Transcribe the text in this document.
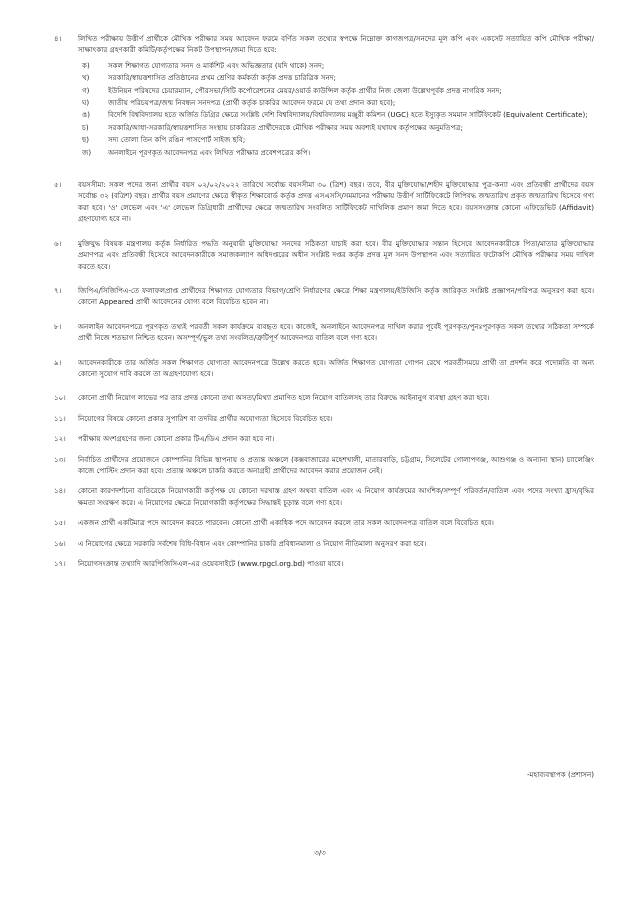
৪।	লিখিত পরীক্ষায় উত্তীর্ণ প্রার্থীকে মৌখিক পরীক্ষার সময় আবেদন ফরমে বর্ণিত সকল তথ্যের স্বপক্ষে নিম্নোক্ত কাগজপত্র/সনদের মূল কপি এবং একসেট সত্যায়িত কপি মৌখিক পরীক্ষা/সাক্ষাৎকার গ্রহণকারী কমিটি/কর্তৃপক্ষের নিকট উপস্থাপন/জমা দিতে হবে:
ক)	সকল শিক্ষাগত যোগ্যতার সনদ ও মার্কশিট এবং অভিজ্ঞতার (যদি থাকে) সনদ;
খ)	সরকারি/স্বায়ত্তশাসিত প্রতিষ্ঠানের প্রথম শ্রেণির কর্মকর্তা কর্তৃক প্রদত্ত চারিত্রিক সনদ;
গ)	ইউনিয়ন পরিষদের চেয়ারম্যান, পৌরসভা/সিটি কর্পোরেশনের মেয়র/ওয়ার্ড কাউন্সিল কর্তৃক প্রার্থীর নিজ জেলা উল্লেখপূর্বক প্রদত্ত নাগরিক সনদ;
ঘ)	জাতীয় পরিচয়পত্র/জন্ম নিবন্ধন সনদপত্র (প্রার্থী কর্তৃক চাকরির আবেদন ফরমে যে তথ্য প্রদান করা হবে);
ঙ)	বিদেশি বিশ্ববিদ্যালয় হতে অর্জিত ডিগ্রির ক্ষেত্রে সংশ্লিষ্ট দেশি বিশ্ববিদ্যালয়/বিশ্ববিদ্যালয় মঞ্জুরী কমিশন (UGC) হতে ইস্যুকৃত সমমান সার্টিফিকেট (Equivalent Certificate);
চ)	সরকারি/আধা-সরকারি/স্বায়ত্তশাসিত সংস্থায় চাকরিরত প্রার্থীদেরকে মৌখিক পরীক্ষার সময় অবশ্যই যথাযথ কর্তৃপক্ষের অনুমতিপত্র;
ছ)	সদ্য তোলা তিন কপি রঙিন পাসপোর্ট সাইজ ছবি;
জ)	অনলাইনে পূরণকৃত আবেদনপত্র এবং লিখিত পরীক্ষার প্রবেশপত্রের কপি।
৫।	বয়সসীমা: সকল পদের জন্য প্রার্থীর বয়স ০২/০২/২০২২ তারিখে সর্বোচ্চ বয়সসীমা ৩০ (ত্রিশ) বছর। তবে, বীর মুক্তিযোদ্ধা/শহীদ মুক্তিযোদ্ধার পুত্র-কন্যা এবং প্রতিবন্ধী প্রার্থীদের বয়স সর্বোচ্চ ৩২ (বত্রিশ) বছর। প্রার্থীর বয়স প্রমাণের ক্ষেত্রে স্বীকৃত শিক্ষাবোর্ড কর্তৃক প্রদত্ত এসএসসি/সমমানের পরীক্ষায় উত্তীর্ণ সার্টিফিকেটে লিপিবদ্ধ জন্মতারিখ প্রকৃত জন্মতারিখ হিসেবে গণ্য করা হবে। 'ও' লেভেল এবং 'এ' লেভেল ডিগ্রিধারী প্রার্থীদের ক্ষেত্রে জন্মতারিখ সংবলিত সার্টিফিকেট দাখিলিক প্রমাণ জমা দিতে হবে। বয়সসংক্রান্ত কোনো এফিডেভিট (Affidavit) গ্রহণযোগ্য হবে না।
৬।	মুক্তিযুদ্ধ বিষয়ক মন্ত্রণালয় কর্তৃক নির্ধারিত পদ্ধতি অনুযায়ী মুক্তিযোদ্ধা সনদের সঠিকতা যাচাই করা হবে। বীর মুক্তিযোদ্ধার সন্তান হিসেবে আবেদনকারীকে পিতা/মাতার মুক্তিযোদ্ধার প্রমাণপত্র এবং প্রতিবন্ধী হিসেবে আবেদনকারীকে সমাজকল্যাণ অধিদপ্তরের অধীন সংশ্লিষ্ট দপ্তর কর্তৃক প্রদত্ত মূল সনদ উপস্থাপন এবং সত্যায়িত ফটোকপি মৌখিক পরীক্ষার সময় দাখিল করতে হবে।
৭।	জিপিএ/সিজিপিএ-তে ফলাফলপ্রাপ্ত প্রার্থীদের শিক্ষাগত যোগ্যতার বিভাগ/শ্রেণি নির্ধারণের ক্ষেত্রে শিক্ষা মন্ত্রণালয়/ইউজিসি কর্তৃক জারিকৃত সংশ্লিষ্ট প্রজ্ঞাপন/পরিপত্র অনুসরণ করা হবে। কোনো Appeared প্রার্থী আবেদনের যোগ্য বলে বিবেচিত হবেন না।
৮।	অনলাইন আবেদনপত্রে পূরণকৃত তথ্যই পরবর্তী সকল কার্যক্রমে ব্যবহৃত হবে। কাজেই, অনলাইনে আবেদনপত্র দাখিল করার পূর্বেই পূরণকৃত/পুনঃপূরণকৃত সকল তথ্যের সঠিকতা সম্পর্কে প্রার্থী নিজে শতভাগ নিশ্চিত হবেন। অসম্পূর্ণ/ভুল তথ্য সংবলিত/ত্রুটিপূর্ণ আবেদনপত্র বাতিল বলে গণ্য হবে।
৯।	আবেদনকারীকে তার অর্জিত সকল শিক্ষাগত যোগ্যতা আবেদনপত্রে উল্লেখ করতে হবে। অর্জিত শিক্ষাগত যোগ্যতা গোপন রেখে পরবর্তীসময়ে প্রার্থী তা প্রদর্শন করে পদোন্নতি বা অন্য কোনো সুযোগ দাবি করলে তা অগ্রহণযোগ্য হবে।
১০।	কোনো প্রার্থী নিয়োগ লাভের পর তার প্রদত্ত কোনো তথ্য অসত্য/মিথ্যা প্রমাণিত হলে নিয়োগ বাতিলসহ তার বিরুদ্ধে আইনানুগ ব্যবস্থা গ্রহণ করা হবে।
১১।	নিয়োগের বিষয়ে কোনো প্রকার সুপারিশ বা তদবির প্রার্থীর অযোগ্যতা হিসেবে বিবেচিত হবে।
১২।	পরীক্ষায় অংশগ্রহণের জন্য কোনো প্রকার টিএ/ডিএ প্রদান করা হবে না।
১৩।	নির্বাচিত প্রার্থীদের প্রয়োজনে কোম্পানির বিভিন্ন স্থাপনায় ও প্রত্যন্ত অঞ্চলে (কক্সবাজারের মহেশখালী, মাতারবাড়ি, চট্টগ্রাম, সিলেটের গোলাপগঞ্জ, আশুগঞ্জ ও অন্যান্য স্থান) চ্যালেঞ্জিং কাজে পোস্টিং প্রদান করা হবে। প্রত্যন্ত অঞ্চলে চাকরি করতে অনাগ্রহী প্রার্থীদের আবেদন করার প্রয়োজন নেই।
১৪।	কোনো কারণদর্শানো ব্যতিরেকে নিয়োগকারী কর্তৃপক্ষ যে কোনো দরখাস্ত গ্রহণ অথবা বাতিল এবং এ নিয়োগ কার্যক্রমের আংশিক/সম্পূর্ণ পরিবর্তন/বাতিল এবং পদের সংখ্যা হ্রাস/বৃদ্ধির ক্ষমতা সংরক্ষণ করে। এ নিয়োগের ক্ষেত্রে নিয়োগকারী কর্তৃপক্ষের সিদ্ধান্তই চূড়ান্ত বলে গণ্য হবে।
১৫।	একজন প্রার্থী একটিমাত্র পদে আবেদন করতে পারবেন। কোনো প্রার্থী একাধিক পদে আবেদন করলে তার সকল আবেদনপত্র বাতিল বলে বিবেচিত হবে।
১৬।	এ নিয়োগের ক্ষেত্রে সরকারি সর্বশেষ বিধি-বিধান এবং কোম্পানির চাকরি প্রবিধানমালা ও নিয়োগ নীতিমালা অনুসরণ করা হবে।
১৭।	নিয়োগসংক্রান্ত তথ্যাদি আরপিজিসিএল-এর ওয়েবসাইটে (www.rpgcl.org.bd) পাওয়া যাবে।
-মহাব্যবস্থাপক (প্রশাসন)
৩/৩
